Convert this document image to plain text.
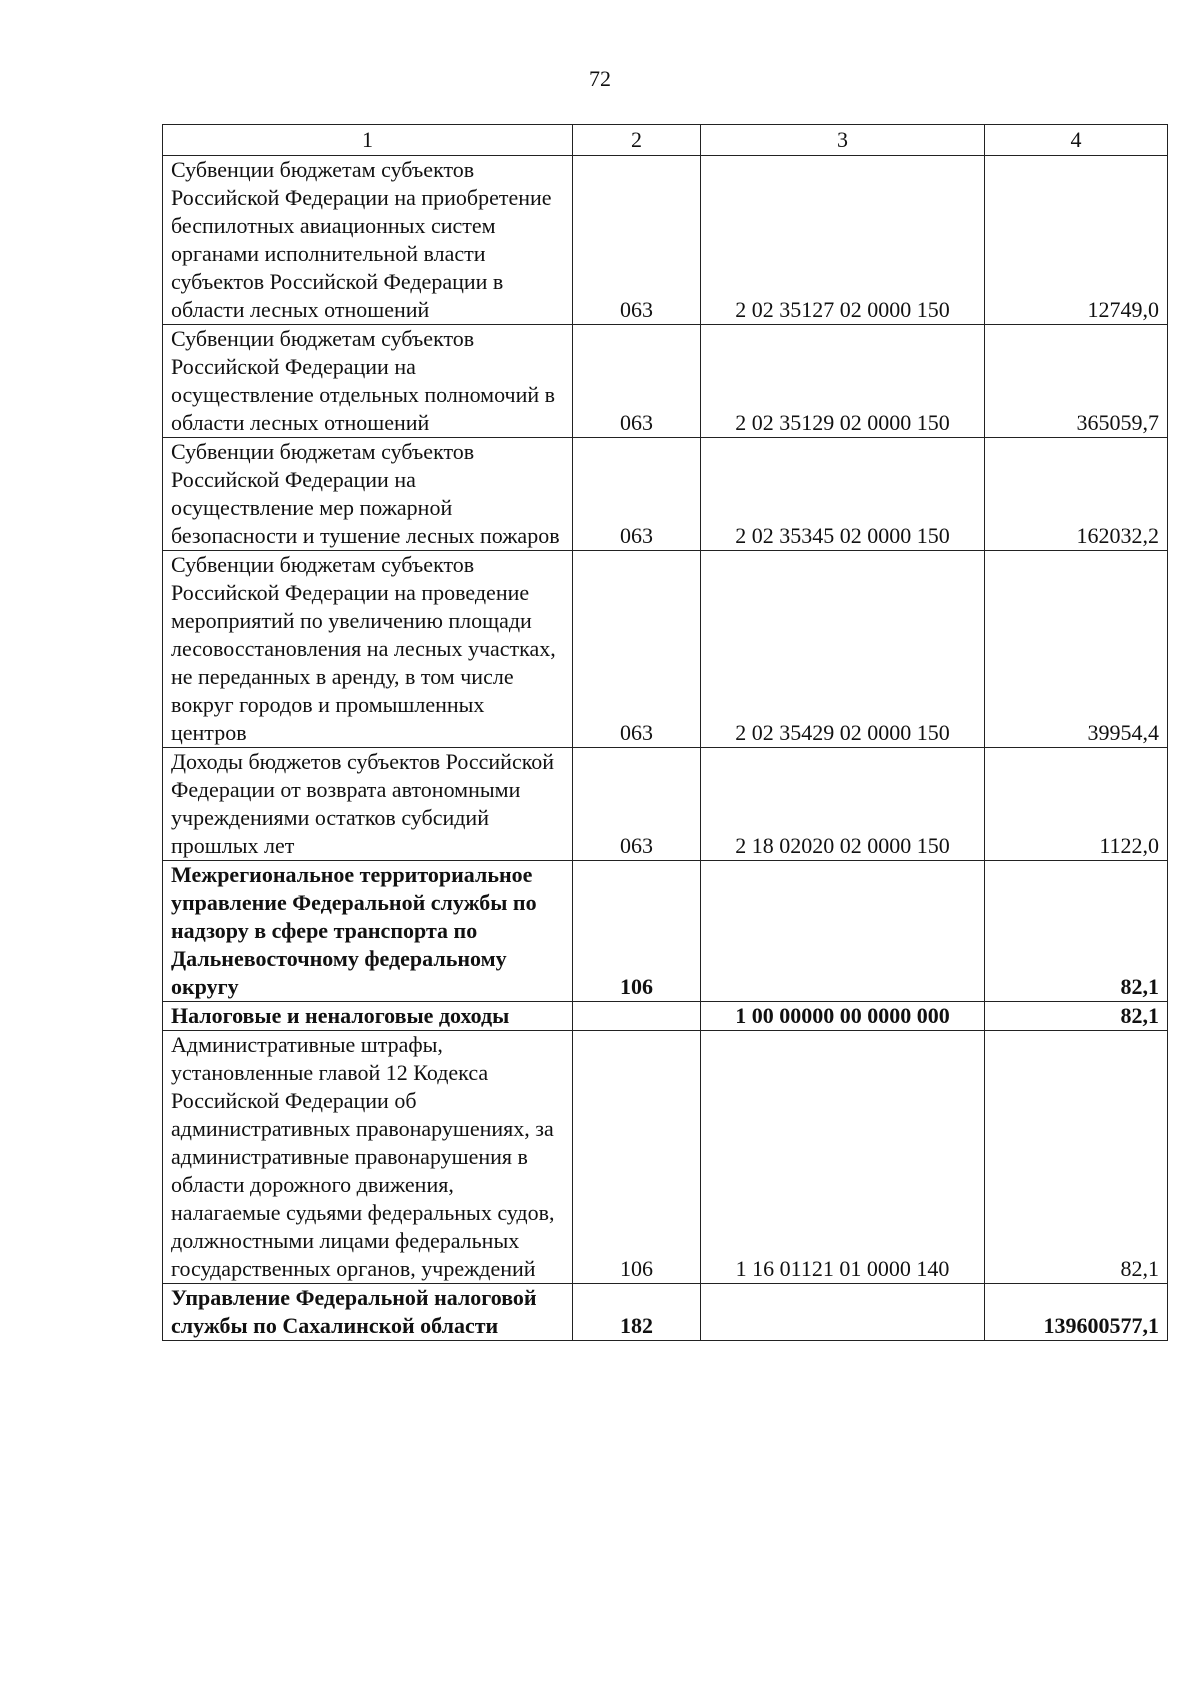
72
1	2	3	4
Субвенции бюджетам субъектов Российской Федерации на приобретение беспилотных авиационных систем органами исполнительной власти субъектов Российской Федерации в области лесных отношений	063	2 02 35127 02 0000 150	12749,0
Субвенции бюджетам субъектов Российской Федерации на осуществление отдельных полномочий в области лесных отношений	063	2 02 35129 02 0000 150	365059,7
Субвенции бюджетам субъектов Российской Федерации на осуществление мер пожарной безопасности и тушение лесных пожаров	063	2 02 35345 02 0000 150	162032,2
Субвенции бюджетам субъектов Российской Федерации на проведение мероприятий по увеличению площади лесовосстановления на лесных участках, не переданных в аренду, в том числе вокруг городов и промышленных центров	063	2 02 35429 02 0000 150	39954,4
Доходы бюджетов субъектов Российской Федерации от возврата автономными учреждениями остатков субсидий прошлых лет	063	2 18 02020 02 0000 150	1122,0
Межрегиональное территориальное управление Федеральной службы по надзору в сфере транспорта по Дальневосточному федеральному округу	106		82,1
Налоговые и неналоговые доходы		1 00 00000 00 0000 000	82,1
Административные штрафы, установленные главой 12 Кодекса Российской Федерации об административных правонарушениях, за административные правонарушения в области дорожного движения, налагаемые судьями федеральных судов, должностными лицами федеральных государственных органов, учреждений	106	1 16 01121 01 0000 140	82,1
Управление Федеральной налоговой службы по Сахалинской области	182		139600577,1
